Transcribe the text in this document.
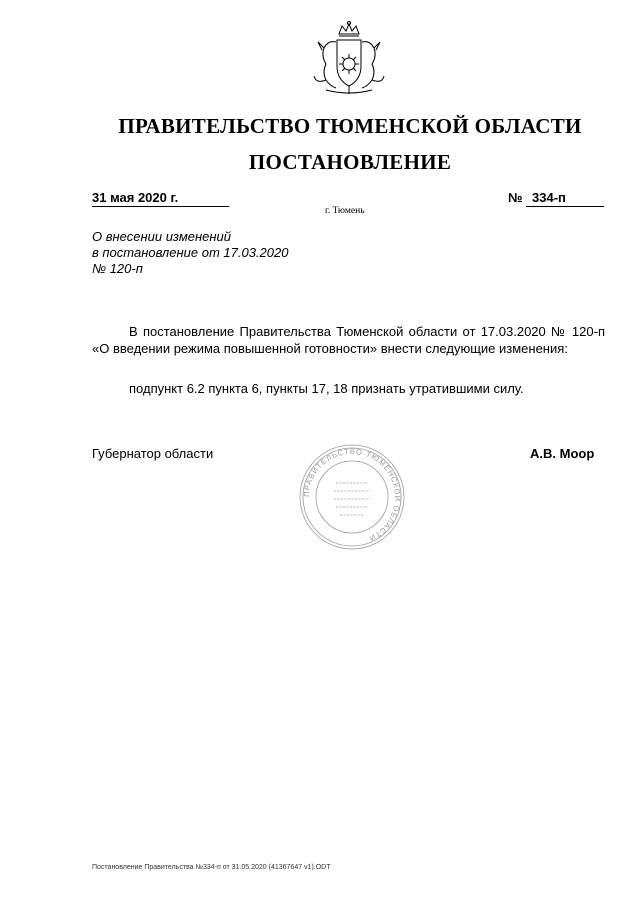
ПРАВИТЕЛЬСТВО ТЮМЕНСКОЙ ОБЛАСТИ
ПОСТАНОВЛЕНИЕ
31 мая 2020 г.	№ 334-п
г. Тюмень
О внесении изменений
в постановление от 17.03.2020
№ 120-п
В постановление Правительства Тюменской области от 17.03.2020 № 120-п «О введении режима повышенной готовности» внести следующие изменения:
подпункт 6.2 пункта 6, пункты 17, 18 признать утратившими силу.
Губернатор области	А.В. Моор
ПРАВИТЕЛЬСТВО ТЮМЕНСКОЙ ОБЛАСТИ
Постановление Правительства №334-п от 31.05.2020 (41367647 v1).ODT
